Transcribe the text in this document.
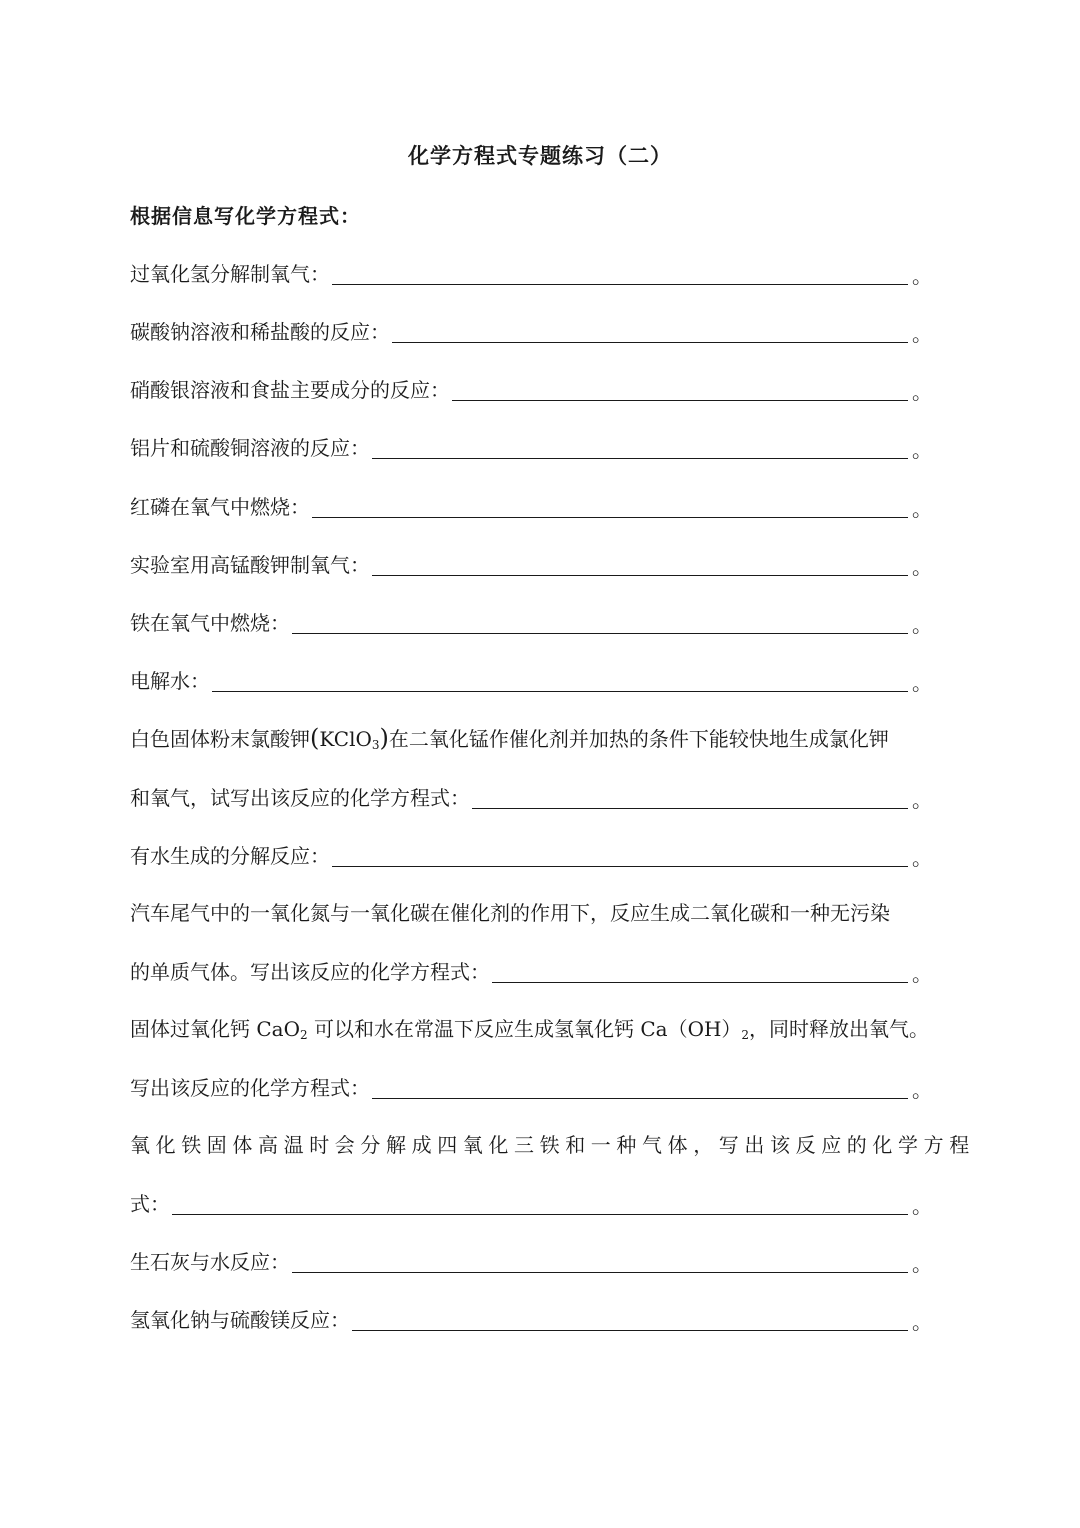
化学方程式专题练习（二）
根据信息写化学方程式：
过氧化氢分解制氧气：	。
碳酸钠溶液和稀盐酸的反应：	。
硝酸银溶液和食盐主要成分的反应：	。
铝片和硫酸铜溶液的反应：	。
红磷在氧气中燃烧：	。
实验室用高锰酸钾制氧气：	。
铁在氧气中燃烧：	。
电解水：	。
白色固体粉末氯酸钾(KClO$_3$)在二氧化锰作催化剂并加热的条件下能较快地生成氯化钾
和氧气，试写出该反应的化学方程式：	。
有水生成的分解反应：	。
汽车尾气中的一氧化氮与一氧化碳在催化剂的作用下，反应生成二氧化碳和一种无污染
的单质气体。写出该反应的化学方程式：	。
固体过氧化钙 CaO$_2$ 可以和水在常温下反应生成氢氧化钙 $Ca(OH)_2$，同时释放出氧气。
写出该反应的化学方程式：	。
氧化铁固体高温时会分解成四氧化三铁和一种气体，写出该反应的化学方程
式：	。
生石灰与水反应：	。
氢氧化钠与硫酸镁反应：	。
